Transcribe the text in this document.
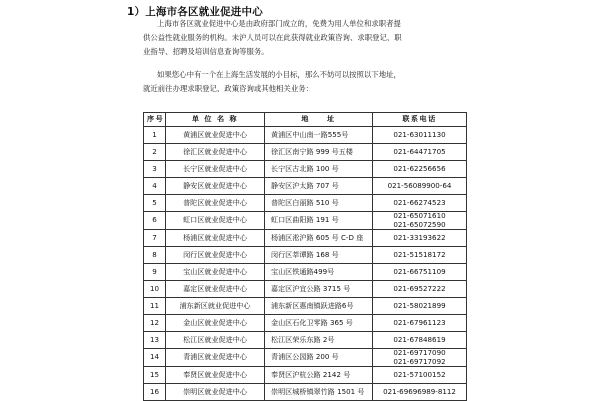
1）上海市各区就业促进中心
上海市各区就业促进中心是由政府部门成立的，免费为用人单位和求职者提
供公益性就业服务的机构。未沪人员可以在此获得就业政策咨询、求职登记、职
业指导、招聘及培训信息查询等服务。
如果您心中有一个在上海生活发展的小目标，那么不妨可以按照以下地址，
就近前往办理求职登记、政策咨询或其他相关业务：
序号	单 位 名 称	地　　址	联系电话
1	黄浦区就业促进中心	黄浦区中山南一路555号	021-63011130

2	徐汇区就业促进中心	徐汇区南宁路 999 号五楼	021-64471705

3	长宁区就业促进中心	长宁区古北路 100 号	021-62256656

4	静安区就业促进中心	静安区沪太路 707 号	021-56089900-64

5	普陀区就业促进中心	普陀区白丽路 510 号	021-66274523

6	虹口区就业促进中心	虹口区曲阳路 191 号	021-65071610
021-65072590

7	杨浦区就业促进中心	杨浦区淞沪路 605 号 C-D 座	021-33193622

8	闵行区就业促进中心	闵行区莘谭路 168 号	021-51518172

9	宝山区就业促进中心	宝山区铁通路499号	021-66751109

10	嘉定区就业促进中心	嘉定区沪宜公路 3715 号	021-69527222

11	浦东新区就业促进中心	浦东新区惠南镇跃进路6号	021-58021899

12	金山区就业促进中心	金山区石化卫零路 365 号	021-67961123

13	松江区就业促进中心	松江区荣乐东路 2号	021-67848619

14	青浦区就业促进中心	青浦区公园路 200 号	021-69717090
021-69717092

15	奉贤区就业促进中心	奉贤区沪杭公路 2142 号	021-57100152

16	崇明区就业促进中心	崇明区城桥镇翠竹路 1501 号	021-69696989-8112
